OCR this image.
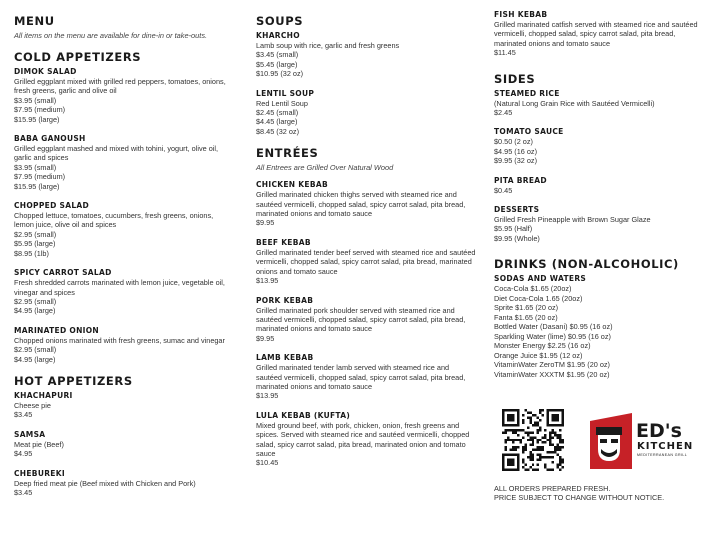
MENU
All items on the menu are available for dine-in or take-outs.
COLD APPETIZERS
DIMOK SALAD
Grilled eggplant mixed with grilled red peppers, tomatoes, onions, fresh greens, garlic and olive oil
$3.95 (small)
$7.95 (medium)
$15.95 (large)
BABA GANOUSH
Grilled eggplant mashed and mixed with tohini, yogurt, olive oil, garlic and spices
$3.95 (small)
$7.95 (medium)
$15.95 (large)
CHOPPED SALAD
Chopped lettuce, tomatoes, cucumbers, fresh greens, onions, lemon juice, olive oil and spices
$2.95 (small)
$5.95 (large)
$8.95 (1lb)
SPICY CARROT SALAD
Fresh shredded carrots marinated with lemon juice, vegetable oil, vinegar and spices
$2.95 (small)
$4.95 (large)
MARINATED ONION
Chopped onions marinated with fresh greens, sumac and vinegar
$2.95 (small)
$4.95 (large)
HOT APPETIZERS
KHACHAPURI
Cheese pie
$3.45
SAMSA
Meat pie (Beef)
$4.95
CHEBUREKI
Deep fried meat pie (Beef mixed with Chicken and Pork)
$3.45
SOUPS
KHARCHO
Lamb soup with rice, garlic and fresh greens
$3.45 (small)
$5.45 (large)
$10.95 (32 oz)
LENTIL SOUP
Red Lentil Soup
$2.45 (small)
$4.45 (large)
$8.45 (32 oz)
ENTRÉES
All Entrees are Grilled Over Natural Wood
CHICKEN KEBAB
Grilled marinated chicken thighs served with steamed rice and sautéed vermicelli, chopped salad, spicy carrot salad, pita bread, marinated onions and tomato sauce
$9.95
BEEF KEBAB
Grilled marinated tender beef served with steamed rice and sautéed vermicelli, chopped salad, spicy carrot salad, pita bread, marinated onions and tomato sauce
$13.95
PORK KEBAB
Grilled marinated pork shoulder served with steamed rice and sautéed vermicelli, chopped salad, spicy carrot salad, pita bread, marinated onions and tomato sauce
$9.95
LAMB KEBAB
Grilled marinated tender lamb served with steamed rice and sautéed vermicelli, chopped salad, spicy carrot salad, pita bread, marinated onions and tomato sauce
$13.95
LULA KEBAB (KUFTA)
Mixed ground beef, with pork, chicken, onion, fresh greens and spices. Served with steamed rice and sautéed vermicelli, chopped salad, spicy carrot salad, pita bread, marinated onion and tomato sauce
$10.45
FISH KEBAB
Grilled marinated catfish served with steamed rice and sautéed vermicelli, chopped salad, spicy carrot salad, pita bread, marinated onions and tomato sauce
$11.45
SIDES
STEAMED RICE
(Natural Long Grain Rice with Sautéed Vermicelli)
$2.45
TOMATO SAUCE
$0.50 (2 oz)
$4.95 (16 oz)
$9.95 (32 oz)
PITA BREAD
$0.45
DESSERTS
Grilled Fresh Pineapple with Brown Sugar Glaze
$5.95 (Half)
$9.95 (Whole)
DRINKS (NON-ALCOHOLIC)
SODAS AND WATERS
Coca-Cola $1.65 (20oz)
Diet Coca-Cola 1.65 (20oz)
Sprite $1.65 (20 oz)
Fanta $1.65 (20 oz)
Bottled Water (Dasani) $0.95 (16 oz)
Sparkling Water (lime) $0.95 (16 oz)
Monster Energy $2.25 (16 oz)
Orange Juice $1.95 (12 oz)
VitaminWater ZeroTM $1.95 (20 oz)
VitaminWater XXXTM $1.95 (20 oz)
ED's
KITCHEN
MEDITERRANEAN GRILL
ALL ORDERS PREPARED FRESH.
PRICE SUBJECT TO CHANGE WITHOUT NOTICE.
